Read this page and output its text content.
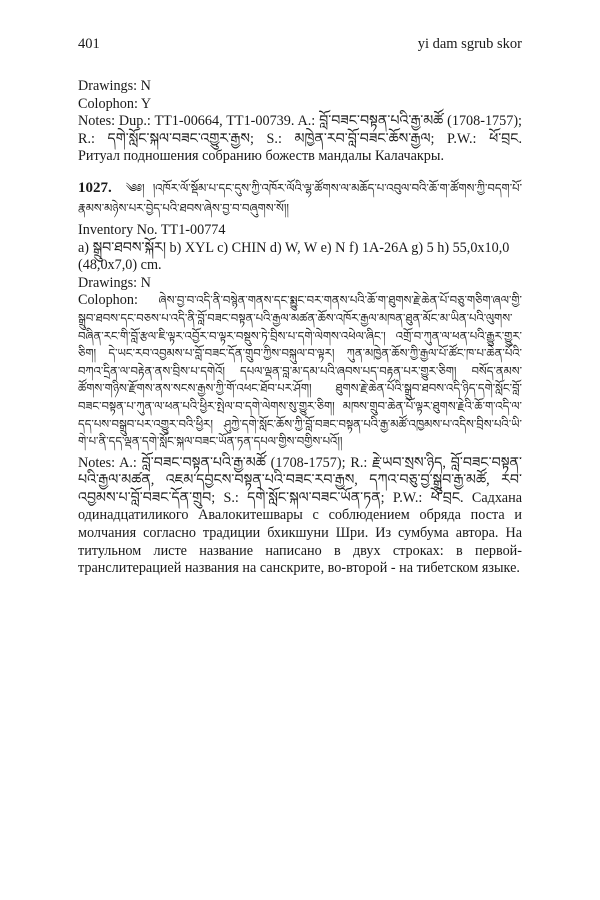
401	yi dam sgrub skor
Drawings: N
Colophon: Y
Notes: Dup.: TT1-00664, TT1-00739. A.: བློ་བཟང་བསྟན་པའི་རྒྱ་མཚོ (1708-1757); R.: དགེ་སློང་སྐལ་བཟང་འགྱུར་རྒྱས; S.: མཁྱེན་རབ་བློ་བཟང་ཆོས་རྒྱལ; P.W.: ཕོ་བྲང. Ритуал подношения собранию божеств мандалы Калачакры.
1027. ༄༅། །འཁོར་ལོ་སྡོམ་པ་དང་དུས་ཀྱི་འཁོར་ལོའི་ལྷ་ཚོགས་ལ་མཆོད་པ་འབུལ་བའི་ཆོ་ག་ཚོགས་ཀྱི་བདག་པོ་རྣམས་མཉེས་པར་བྱེད་པའི་ཐབས་ཞེས་བྱ་བ་བཞུགས་སོ།།
Inventory No. TT1-00774
a) སྒྲུབ་ཐབས་སྐོར། b) XYL c) CHIN d) W, W e) N f) 1A-26A g) 5 h) 55,0x10,0
(48,0x7,0) cm.
Drawings: N
Colophon: ཞེས་བྱ་བ་འདི་ནི་བསྙེན་གནས་དང་སྨྱུང་བར་གནས་པའི་ཆོ་ག་ཐུགས་རྗེ་ཆེན་པོ་བཅུ་གཅིག་ཞལ་གྱི་སྒྲུབ་ཐབས་དང་བཅས་པ་འདི་ནི་བློ་བཟང་བསྟན་པའི་རྒྱལ་མཚན་ཆོས་འཁོར་རྒྱལ་མཁན་ཐུན་མོང་མ་ཡིན་པའི་ལུགས་བཞིན་རང་གི་བློ་རྩལ་ཇི་ལྟར་འབྱོར་བ་ལྟར་བསྡུས་ཏེ་བྲིས་པ་དགེ་ལེགས་འཕེལ་ཞིང་། འགྲོ་བ་ཀུན་ལ་ཕན་པའི་རྒྱུར་གྱུར་ཅིག། དེ་ཡང་རབ་འབྱམས་པ་བློ་བཟང་དོན་གྲུབ་ཀྱིས་བསྐུལ་བ་ལྟར། ཀུན་མཁྱེན་ཆོས་ཀྱི་རྒྱལ་པོ་ཚོང་ཁ་པ་ཆེན་པོའི་བཀའ་དྲིན་ལ་བརྟེན་ནས་བྲིས་པ་དགེའོ། དཔལ་ལྡན་བླ་མ་དམ་པའི་ཞབས་པད་བརྟན་པར་གྱུར་ཅིག། བསོད་ནམས་ཚོགས་གཉིས་རྫོགས་ནས་སངས་རྒྱས་ཀྱི་གོ་འཕང་ཐོབ་པར་ཤོག། ཐུགས་རྗེ་ཆེན་པོའི་སྒྲུབ་ཐབས་འདི་ཉིད་དགེ་སློང་བློ་བཟང་བསྟན་པ་ཀུན་ལ་ཕན་པའི་ཕྱིར་སྤེལ་བ་དགེ་ལེགས་སུ་གྱུར་ཅིག། མཁས་གྲུབ་ཆེན་པོ་ལྟར་ཐུགས་རྗེའི་ཆོ་ག་འདི་ལ་དད་པས་བསྒྲུབ་པར་འགྱུར་བའི་ཕྱིར། ཤུཀྱེ་དགེ་སློང་ཆོས་ཀྱི་བློ་བཟང་བསྟན་པའི་རྒྱ་མཚོ་འཁྱམས་པ་འདིས་བྲིས་པའི་ཡི་གེ་པ་ནི་དད་ལྡན་དགེ་སློང་སྐལ་བཟང་ཡོན་ཏན་དཔལ་གྱིས་བགྱིས་པའོ།།
Notes: A.: བློ་བཟང་བསྟན་པའི་རྒྱ་མཚོ (1708-1757); R.: རྗེ་ཡབ་སྲས་ཉིད, བློ་བཟང་བསྟན་པའི་རྒྱལ་མཚན, འཇམ་དབྱངས་བསྟན་པའི་བཟང་རབ་རྒྱས, དཀའ་བཅུ་བྱ་སྒྲུབ་རྒྱ་མཚོ, རབ་འབྱམས་པ་བློ་བཟང་དོན་གྲུབ; S.: དགེ་སློང་སྐལ་བཟང་ཡོན་ཏན; P.W.: ཕོ་བྲང. Садхана одинадцатиликого Авалокитешвары с соблюдением обряда поста и молчания согласно традиции бхикшуни Шри. Из сумбума автора. На титульном листе название написано в двух строках: в первой- транслитерацией названия на санскрите, во-второй - на тибетском языке.
